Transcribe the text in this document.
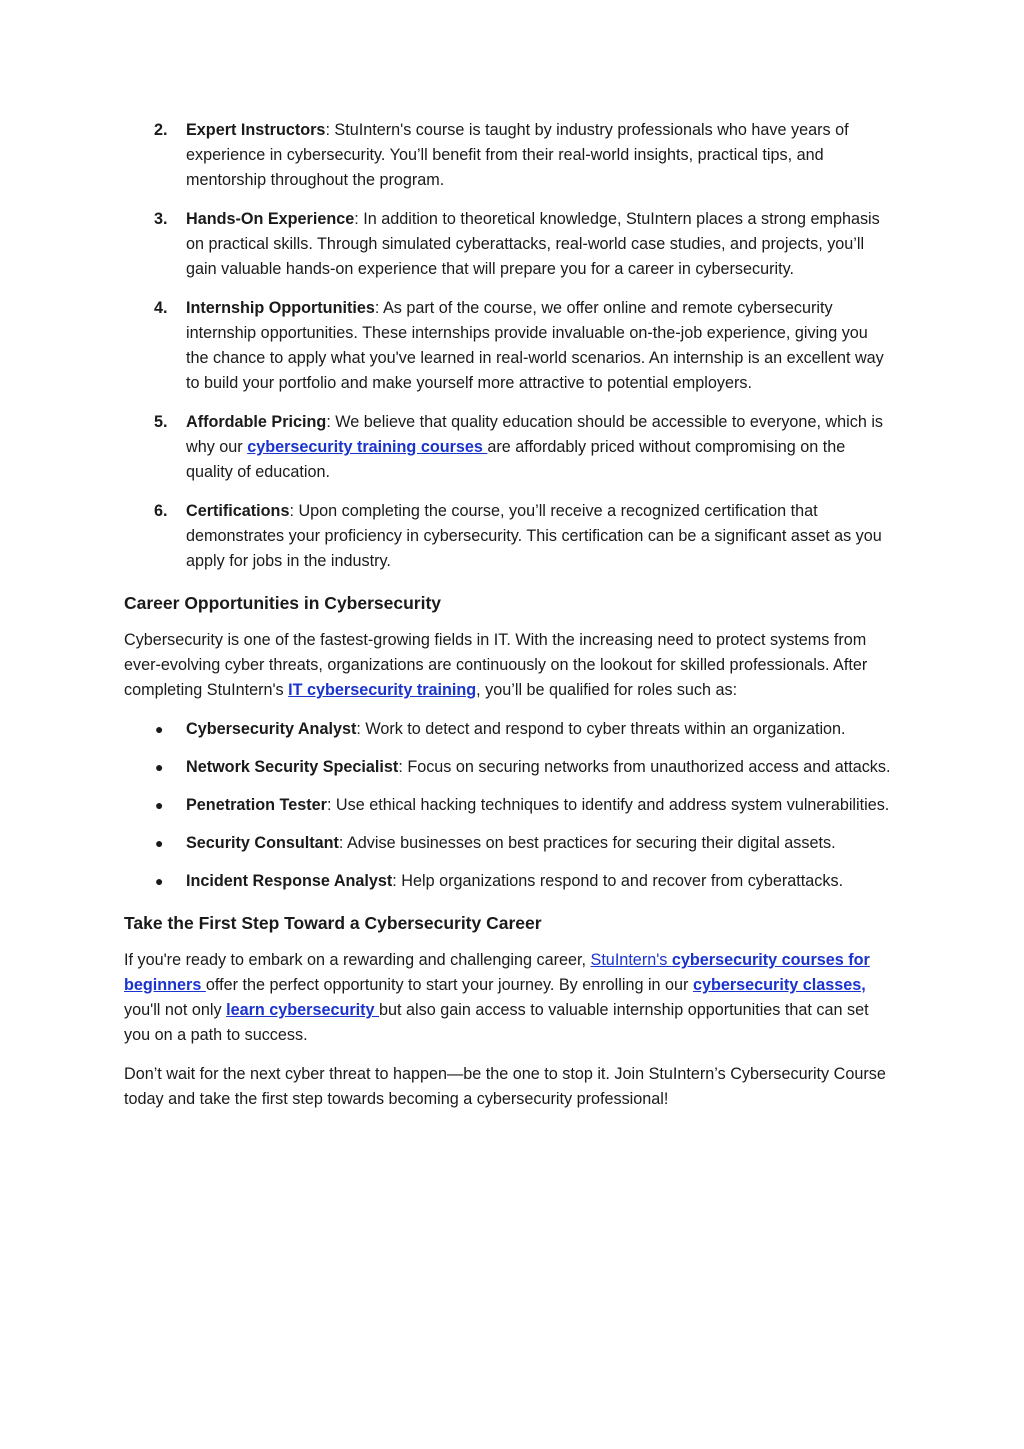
2. Expert Instructors: StuIntern's course is taught by industry professionals who have years of experience in cybersecurity. You’ll benefit from their real-world insights, practical tips, and mentorship throughout the program.
3. Hands-On Experience: In addition to theoretical knowledge, StuIntern places a strong emphasis on practical skills. Through simulated cyberattacks, real-world case studies, and projects, you’ll gain valuable hands-on experience that will prepare you for a career in cybersecurity.
4. Internship Opportunities: As part of the course, we offer online and remote cybersecurity internship opportunities. These internships provide invaluable on-the-job experience, giving you the chance to apply what you've learned in real-world scenarios. An internship is an excellent way to build your portfolio and make yourself more attractive to potential employers.
5. Affordable Pricing: We believe that quality education should be accessible to everyone, which is why our cybersecurity training courses are affordably priced without compromising on the quality of education.
6. Certifications: Upon completing the course, you’ll receive a recognized certification that demonstrates your proficiency in cybersecurity. This certification can be a significant asset as you apply for jobs in the industry.
Career Opportunities in Cybersecurity

Cybersecurity is one of the fastest-growing fields in IT. With the increasing need to protect systems from ever-evolving cyber threats, organizations are continuously on the lookout for skilled professionals. After completing StuIntern's IT cybersecurity training, you’ll be qualified for roles such as:

● Cybersecurity Analyst: Work to detect and respond to cyber threats within an organization.
● Network Security Specialist: Focus on securing networks from unauthorized access and attacks.
● Penetration Tester: Use ethical hacking techniques to identify and address system vulnerabilities.
● Security Consultant: Advise businesses on best practices for securing their digital assets.
● Incident Response Analyst: Help organizations respond to and recover from cyberattacks.
Take the First Step Toward a Cybersecurity Career

If you're ready to embark on a rewarding and challenging career, StuIntern's cybersecurity courses for beginners offer the perfect opportunity to start your journey. By enrolling in our cybersecurity classes, you'll not only learn cybersecurity but also gain access to valuable internship opportunities that can set you on a path to success.

Don’t wait for the next cyber threat to happen—be the one to stop it. Join StuIntern’s Cybersecurity Course today and take the first step towards becoming a cybersecurity professional!
